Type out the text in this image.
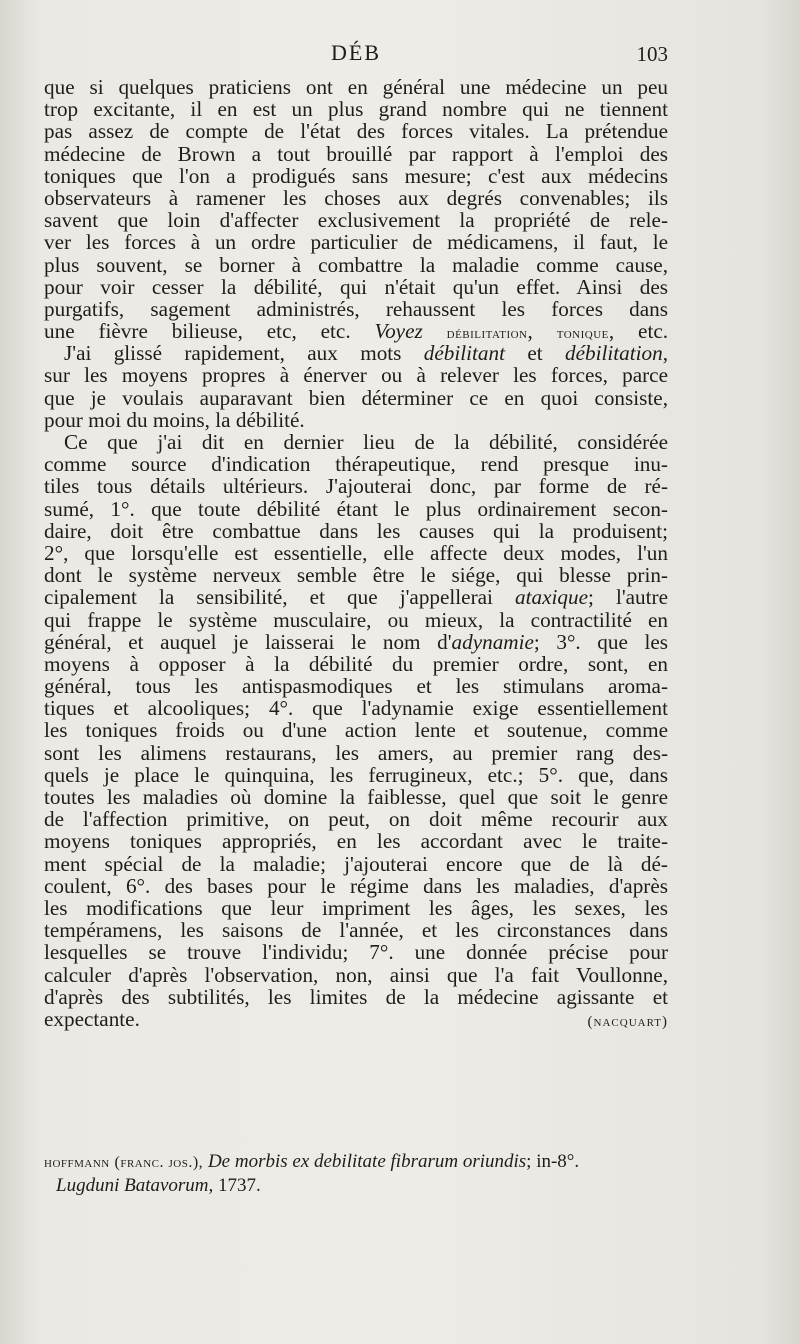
DÉB	103
que si quelques praticiens ont en général une médecine un peu
trop excitante, il en est un plus grand nombre qui ne tiennent
pas assez de compte de l'état des forces vitales. La prétendue
médecine de Brown a tout brouillé par rapport à l'emploi des
toniques que l'on a prodigués sans mesure; c'est aux médecins
observateurs à ramener les choses aux degrés convenables; ils
savent que loin d'affecter exclusivement la propriété de rele-
ver les forces à un ordre particulier de médicamens, il faut, le
plus souvent, se borner à combattre la maladie comme cause,
pour voir cesser la débilité, qui n'était qu'un effet. Ainsi des
purgatifs, sagement administrés, rehaussent les forces dans
une fièvre bilieuse, etc, etc. Voyez débilitation, tonique, etc.
J'ai glissé rapidement, aux mots débilitant et débilitation,
sur les moyens propres à énerver ou à relever les forces, parce
que je voulais auparavant bien déterminer ce en quoi consiste,
pour moi du moins, la débilité.
Ce que j'ai dit en dernier lieu de la débilité, considérée
comme source d'indication thérapeutique, rend presque inu-
tiles tous détails ultérieurs. J'ajouterai donc, par forme de ré-
sumé, 1°. que toute débilité étant le plus ordinairement secon-
daire, doit être combattue dans les causes qui la produisent;
2°, que lorsqu'elle est essentielle, elle affecte deux modes, l'un
dont le système nerveux semble être le siége, qui blesse prin-
cipalement la sensibilité, et que j'appellerai ataxique; l'autre
qui frappe le système musculaire, ou mieux, la contractilité en
général, et auquel je laisserai le nom d'adynamie; 3°. que les
moyens à opposer à la débilité du premier ordre, sont, en
général, tous les antispasmodiques et les stimulans aroma-
tiques et alcooliques; 4°. que l'adynamie exige essentiellement
les toniques froids ou d'une action lente et soutenue, comme
sont les alimens restaurans, les amers, au premier rang des-
quels je place le quinquina, les ferrugineux, etc.; 5°. que, dans
toutes les maladies où domine la faiblesse, quel que soit le genre
de l'affection primitive, on peut, on doit même recourir aux
moyens toniques appropriés, en les accordant avec le traite-
ment spécial de la maladie; j'ajouterai encore que de là dé-
coulent, 6°. des bases pour le régime dans les maladies, d'après
les modifications que leur impriment les âges, les sexes, les
tempéramens, les saisons de l'année, et les circonstances dans
lesquelles se trouve l'individu; 7°. une donnée précise pour
calculer d'après l'observation, non, ainsi que l'a fait Voullonne,
d'après des subtilités, les limites de la médecine agissante et
expectante.	(nacquart)
hoffmann (franc. jos.), De morbis ex debilitate fibrarum oriundis; in-8°.
Lugduni Batavorum, 1737.
